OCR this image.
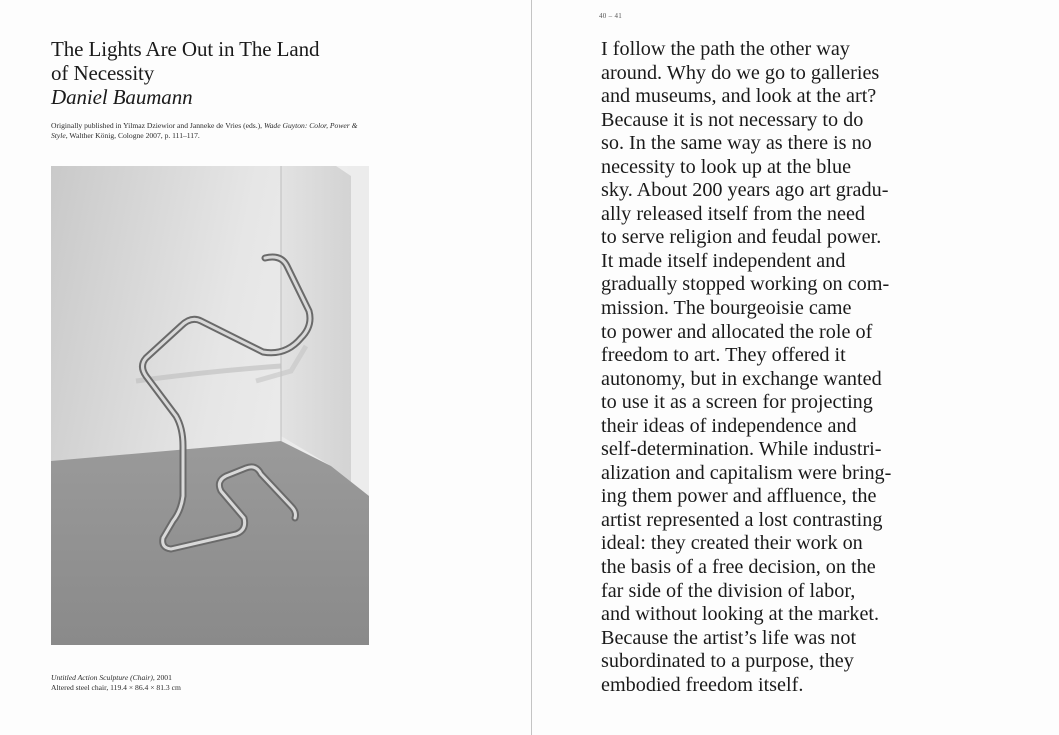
The Lights Are Out in The Land
of Necessity
Daniel Baumann
Originally published in Yilmaz Dziewior and Janneke de Vries (eds.), Wade Guyton: Color, Power & Style, Walther König, Cologne 2007, p. 111–117.
Untitled Action Sculpture (Chair), 2001
Altered steel chair, 119.4 × 86.4 × 81.3 cm
40 – 41

I follow the path the other way
around. Why do we go to galleries
and museums, and look at the art?
Because it is not necessary to do
so. In the same way as there is no
necessity to look up at the blue
sky. About 200 years ago art gradu-
ally released itself from the need
to serve religion and feudal power.
It made itself independent and
gradually stopped working on com-
mission. The bourgeoisie came
to power and allocated the role of
freedom to art. They offered it
autonomy, but in exchange wanted
to use it as a screen for projecting
their ideas of independence and
self-determination. While industri-
alization and capitalism were bring-
ing them power and affluence, the
artist represented a lost contrasting
ideal: they created their work on
the basis of a free decision, on the
far side of the division of labor,
and without looking at the market.
Because the artist’s life was not
subordinated to a purpose, they
embodied freedom itself.
